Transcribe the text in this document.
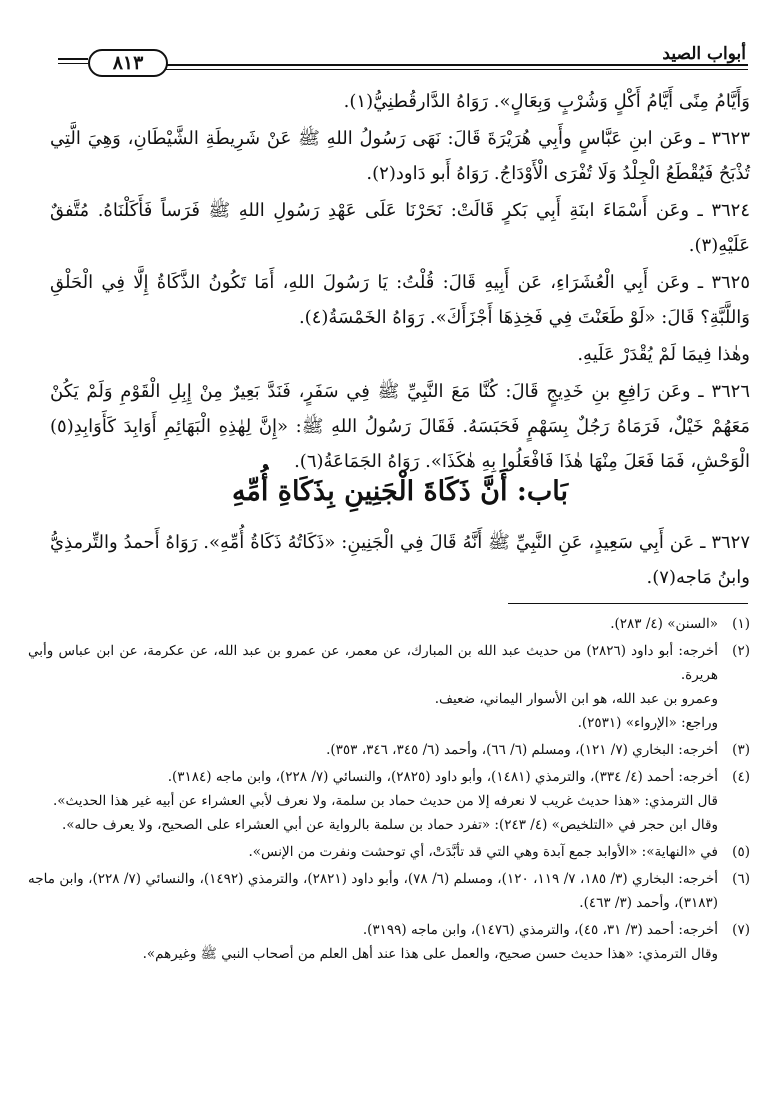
أبواب الصيد
٨١٣

وَأَيَّامُ مِنًى أَيَّامُ أَكْلٍ وَشُرْبٍ وَبِعَالٍ». رَوَاهُ الدَّارقُطنِيُّ(١).

٣٦٢٣ ـ وعَن ابنِ عَبَّاسٍ وأَبِي هُرَيْرَةَ قَالَ: نَهَى رَسُولُ اللهِ ﷺ عَنْ شَرِيطَةِ الشَّيْطَانِ، وَهِيَ الَّتِي تُذْبَحُ فَيُقْطَعُ الْجِلْدُ وَلَا تُفْرَى الْأَوْدَاجُ. رَوَاهُ أَبو دَاود(٢).

٣٦٢٤ ـ وعَن أَسْمَاءَ ابنَةِ أَبِي بَكرٍ قَالَتْ: نَحَرْنَا عَلَى عَهْدِ رَسُولِ اللهِ ﷺ فَرَساً فَأَكَلْنَاهُ. مُتَّفقٌ عَلَيْهِ(٣).

٣٦٢٥ ـ وعَن أَبِي الْعُشَرَاءِ، عَن أَبِيهِ قَالَ: قُلْتُ: يَا رَسُولَ اللهِ، أَمَا تَكُونُ الذَّكَاةُ إِلَّا فِي الْحَلْقِ وَاللَّبَّةِ؟ قَالَ: «لَوْ طَعَنْتَ فِي فَخِذِهَا أَجْزَأَكَ». رَوَاهُ الخَمْسَةُ(٤).

وهٰذا فِيمَا لَمْ يُقْدَرْ عَلَيهِ.

٣٦٢٦ ـ وعَن رَافِعِ بنِ خَدِيجٍ قَالَ: كُنَّا مَعَ النَّبِيِّ ﷺ فِي سَفَرٍ، فَنَدَّ بَعِيرٌ مِنْ إِبِلِ الْقَوْمِ وَلَمْ يَكُنْ مَعَهُمْ خَيْلٌ، فَرَمَاهُ رَجُلٌ بِسَهْمٍ فَحَبَسَهُ. فَقَالَ رَسُولُ اللهِ ﷺ: «إِنَّ لِهٰذِهِ الْبَهَائِمِ أَوَابِدَ كَأَوَابِدِ(٥) الْوَحْشِ، فَمَا فَعَلَ مِنْهَا هٰذَا فَافْعَلُوا بِهِ هٰكَذَا». رَوَاهُ الجَمَاعَةُ(٦).

بَاب: أَنَّ ذَكَاةَ الْجَنِينِ بِذَكَاةِ أُمِّهِ

٣٦٢٧ ـ عَن أَبِي سَعِيدٍ، عَنِ النَّبِيِّ ﷺ أَنَّهُ قَالَ فِي الْجَنِينِ: «ذَكَاتُهُ ذَكَاةُ أُمِّهِ». رَوَاهُ أَحمدُ والتِّرمذِيُّ وابنُ مَاجه(٧).

(١)
«السنن» (٤/ ٢٨٣).
(٢)
أخرجه: أبو داود (٢٨٢٦) من حديث عبد الله بن المبارك، عن معمر، عن عمرو بن عبد الله، عن عكرمة، عن ابن عباس وأبي هريرة.
وعمرو بن عبد الله، هو ابن الأسوار اليماني، ضعيف.
وراجع: «الإرواء» (٢٥٣١).
(٣)
أخرجه: البخاري (٧/ ١٢١)، ومسلم (٦/ ٦٦)، وأحمد (٦/ ٣٤٥، ٣٤٦، ٣٥٣).
(٤)
أخرجه: أحمد (٤/ ٣٣٤)، والترمذي (١٤٨١)، وأبو داود (٢٨٢٥)، والنسائي (٧/ ٢٢٨)، وابن ماجه (٣١٨٤).
قال الترمذي: «هذا حديث غريب لا نعرفه إلا من حديث حماد بن سلمة، ولا نعرف لأبي العشراء عن أبيه غير هذا الحديث».
وقال ابن حجر في «التلخيص» (٤/ ٢٤٣): «تفرد حماد بن سلمة بالرواية عن أبي العشراء على الصحيح، ولا يعرف حاله».
(٥)
في «النهاية»: «الأوابد جمع آبدة وهي التي قد تأبَّدَتْ، أي توحشت ونفرت من الإنس».
(٦)
أخرجه: البخاري (٣/ ١٨٥، ٧/ ١١٩، ١٢٠)، ومسلم (٦/ ٧٨)، وأبو داود (٢٨٢١)، والترمذي (١٤٩٢)، والنسائي (٧/ ٢٢٨)، وابن ماجه (٣١٨٣)، وأحمد (٣/ ٤٦٣).
(٧)
أخرجه: أحمد (٣/ ٣١، ٤٥)، والترمذي (١٤٧٦)، وابن ماجه (٣١٩٩).
وقال الترمذي: «هذا حديث حسن صحيح، والعمل على هذا عند أهل العلم من أصحاب النبي ﷺ وغيرهم».
